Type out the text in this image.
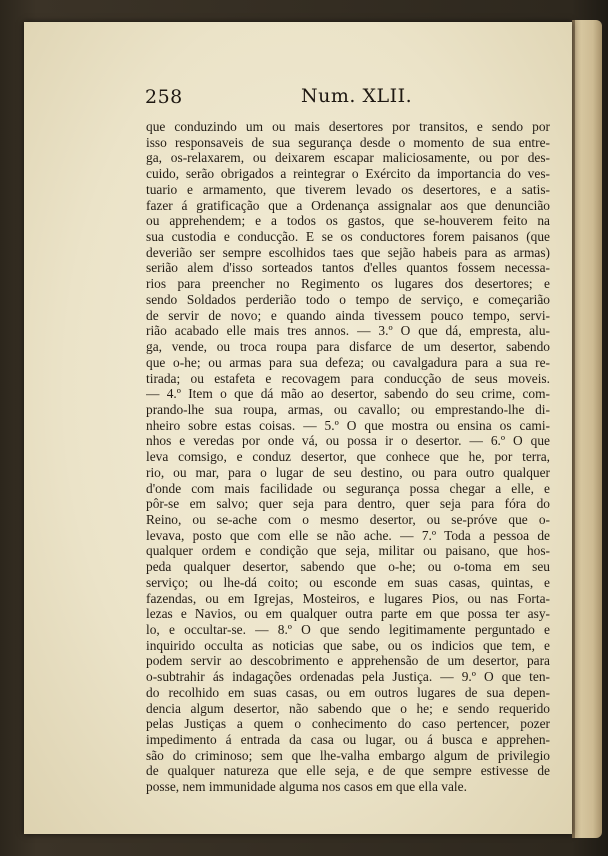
258	Num. XLII.
que conduzindo um ou mais desertores por transitos, e sendo por
isso responsaveis de sua segurança desde o momento de sua entre-
ga, os-relaxarem, ou deixarem escapar maliciosamente, ou por des-
cuido, serão obrigados a reintegrar o Exército da importancia do ves-
tuario e armamento, que tiverem levado os desertores, e a satis-
fazer á gratificação que a Ordenança assignalar aos que denuncião
ou apprehendem; e a todos os gastos, que se-houverem feito na
sua custodia e conducção. E se os conductores forem paisanos (que
deverião ser sempre escolhidos taes que sejão habeis para as armas)
serião alem d'isso sorteados tantos d'elles quantos fossem necessa-
rios para preencher no Regimento os lugares dos desertores; e
sendo Soldados perderião todo o tempo de serviço, e começarião
de servir de novo; e quando ainda tivessem pouco tempo, servi-
rião acabado elle mais tres annos. — 3.º O que dá, empresta, alu-
ga, vende, ou troca roupa para disfarce de um desertor, sabendo
que o-he; ou armas para sua defeza; ou cavalgadura para a sua re-
tirada; ou estafeta e recovagem para conducção de seus moveis.
— 4.º Item o que dá mão ao desertor, sabendo do seu crime, com-
prando-lhe sua roupa, armas, ou cavallo; ou emprestando-lhe di-
nheiro sobre estas coisas. — 5.º O que mostra ou ensina os cami-
nhos e veredas por onde vá, ou possa ir o desertor. — 6.º O que
leva comsigo, e conduz desertor, que conhece que he, por terra,
rio, ou mar, para o lugar de seu destino, ou para outro qualquer
d'onde com mais facilidade ou segurança possa chegar a elle, e
pôr-se em salvo; quer seja para dentro, quer seja para fóra do
Reino, ou se-ache com o mesmo desertor, ou se-próve que o-
levava, posto que com elle se não ache. — 7.º Toda a pessoa de
qualquer ordem e condição que seja, militar ou paisano, que hos-
peda qualquer desertor, sabendo que o-he; ou o-toma em seu
serviço; ou lhe-dá coito; ou esconde em suas casas, quintas, e
fazendas, ou em Igrejas, Mosteiros, e lugares Pios, ou nas Forta-
lezas e Navios, ou em qualquer outra parte em que possa ter asy-
lo, e occultar-se. — 8.º O que sendo legitimamente perguntado e
inquirido occulta as noticias que sabe, ou os indicios que tem, e
podem servir ao descobrimento e apprehensão de um desertor, para
o-subtrahir ás indagações ordenadas pela Justiça. — 9.º O que ten-
do recolhido em suas casas, ou em outros lugares de sua depen-
dencia algum desertor, não sabendo que o he; e sendo requerido
pelas Justiças a quem o conhecimento do caso pertencer, pozer
impedimento á entrada da casa ou lugar, ou á busca e apprehen-
são do criminoso; sem que lhe-valha embargo algum de privilegio
de qualquer natureza que elle seja, e de que sempre estivesse de
posse, nem immunidade alguma nos casos em que ella vale.
